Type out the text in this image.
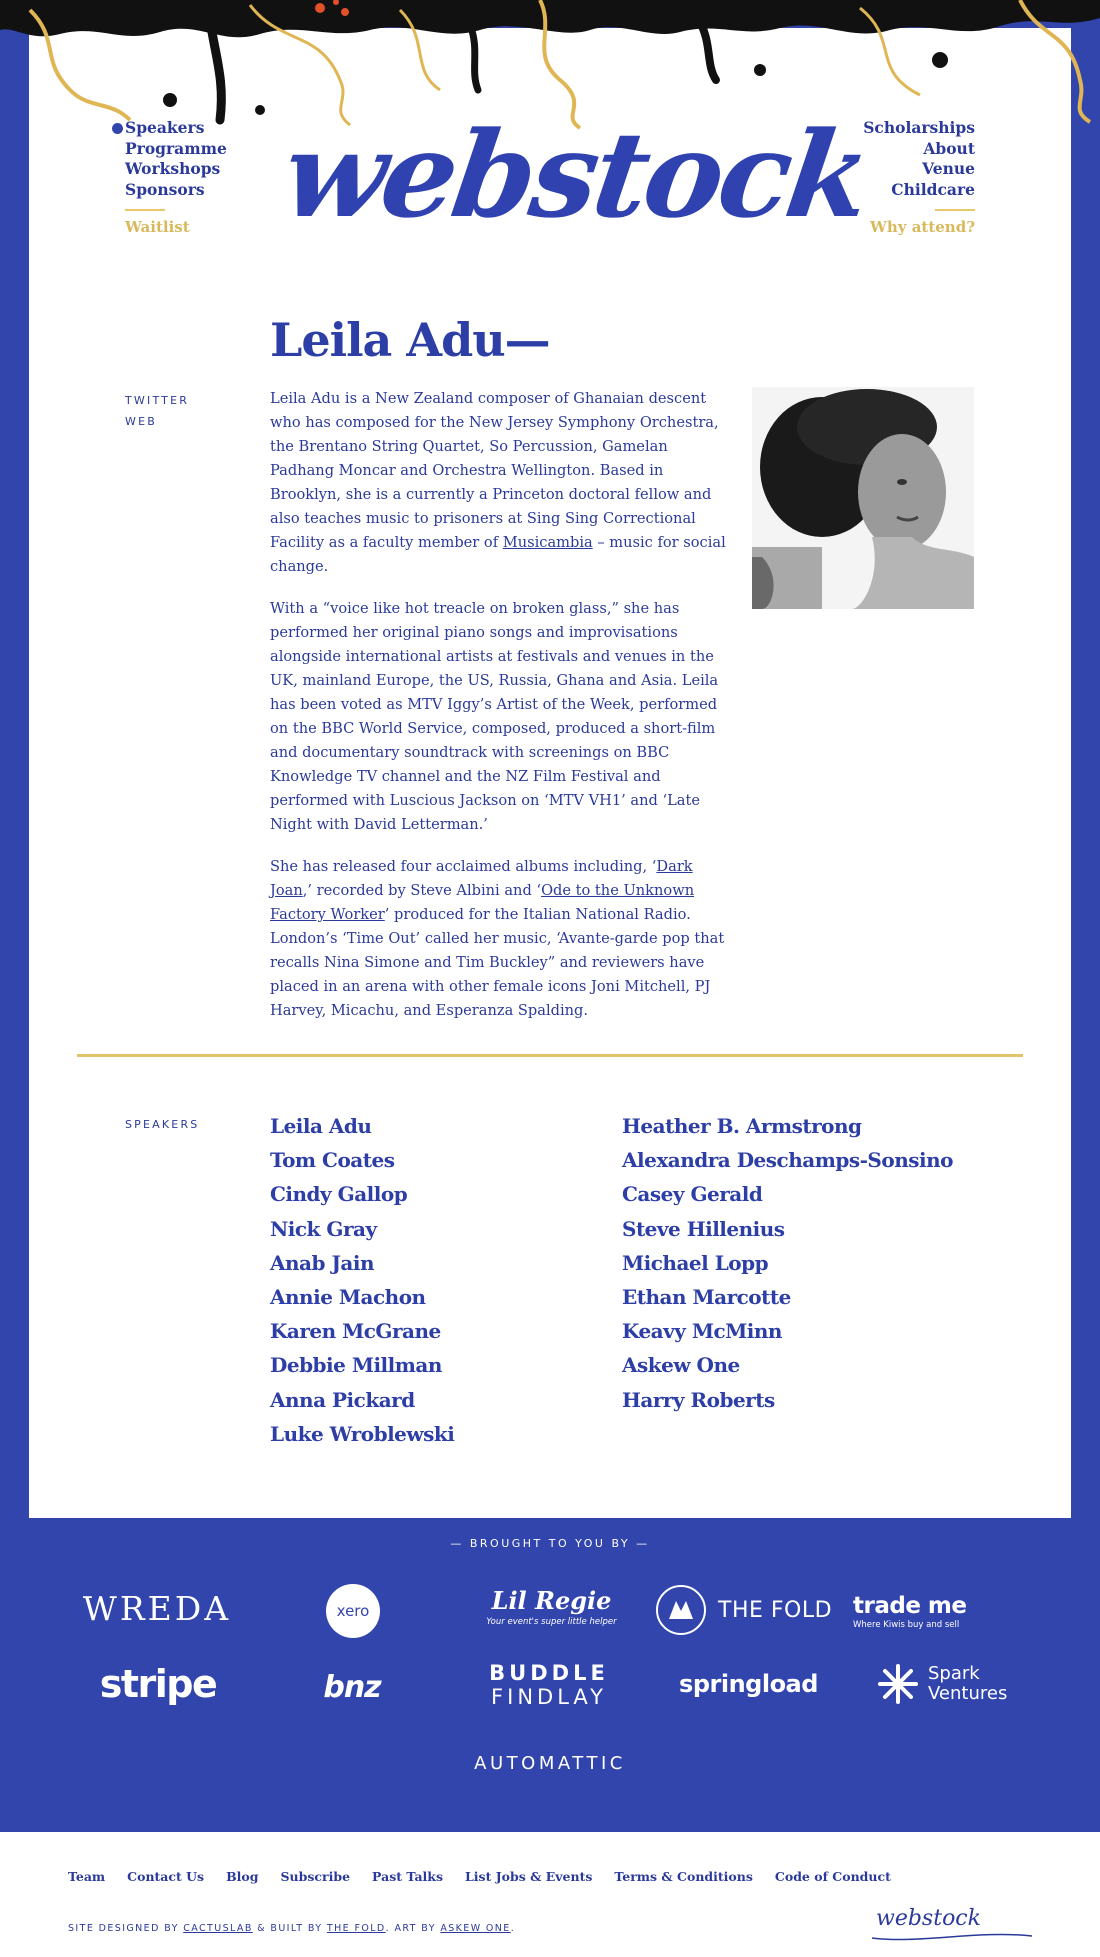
Speakers
Programme
Workshops
Sponsors
Waitlist webstock
Scholarships
About
Venue
Childcare
Why attend?
Leila Adu—
TWITTER
WEB

Leila Adu is a New Zealand composer of Ghanaian descent who has composed for the New Jersey Symphony Orchestra, the Brentano String Quartet, So Percussion, Gamelan Padhang Moncar and Orchestra Wellington. Based in Brooklyn, she is a currently a Princeton doctoral fellow and also teaches music to prisoners at Sing Sing Correctional Facility as a faculty member of Musicambia – music for social change.

With a “voice like hot treacle on broken glass,” she has performed her original piano songs and improvisations alongside international artists at festivals and venues in the UK, mainland Europe, the US, Russia, Ghana and Asia. Leila has been voted as MTV Iggy’s Artist of the Week, performed on the BBC World Service, composed, produced a short-film and documentary soundtrack with screenings on BBC Knowledge TV channel and the NZ Film Festival and performed with Luscious Jackson on ‘MTV VH1’ and ‘Late Night with David Letterman.’

She has released four acclaimed albums including, ‘Dark Joan,’ recorded by Steve Albini and ‘Ode to the Unknown Factory Worker’ produced for the Italian National Radio. London’s ‘Time Out’ called her music, ‘Avante-garde pop that recalls Nina Simone and Tim Buckley” and reviewers have placed in an arena with other female icons Joni Mitchell, PJ Harvey, Micachu, and Esperanza Spalding.

SPEAKERS	Leila Adu
Tom Coates
Cindy Gallop
Nick Gray
Anab Jain
Annie Machon
Karen McGrane
Debbie Millman
Anna Pickard
Luke Wroblewski
Heather B. Armstrong
Alexandra Deschamps-Sonsino
Casey Gerald
Steve Hillenius
Michael Lopp
Ethan Marcotte
Keavy McMinn
Askew One
Harry Roberts
— BROUGHT TO YOU BY —
WREDA	xero	Lil Regie
Your event's super little helper	THE FOLD trade me
Where Kiwis buy and sell
stripe	bnz	BUDDLE
FINDLAY	springload	Spark
Ventures
AUTOMATTIC
Team Contact Us Blog Subscribe Past Talks List Jobs & Events Terms & Conditions Code of Conduct
SITE DESIGNED BY CACTUSLAB & BUILT BY THE FOLD. ART BY ASKEW ONE.	webstock
